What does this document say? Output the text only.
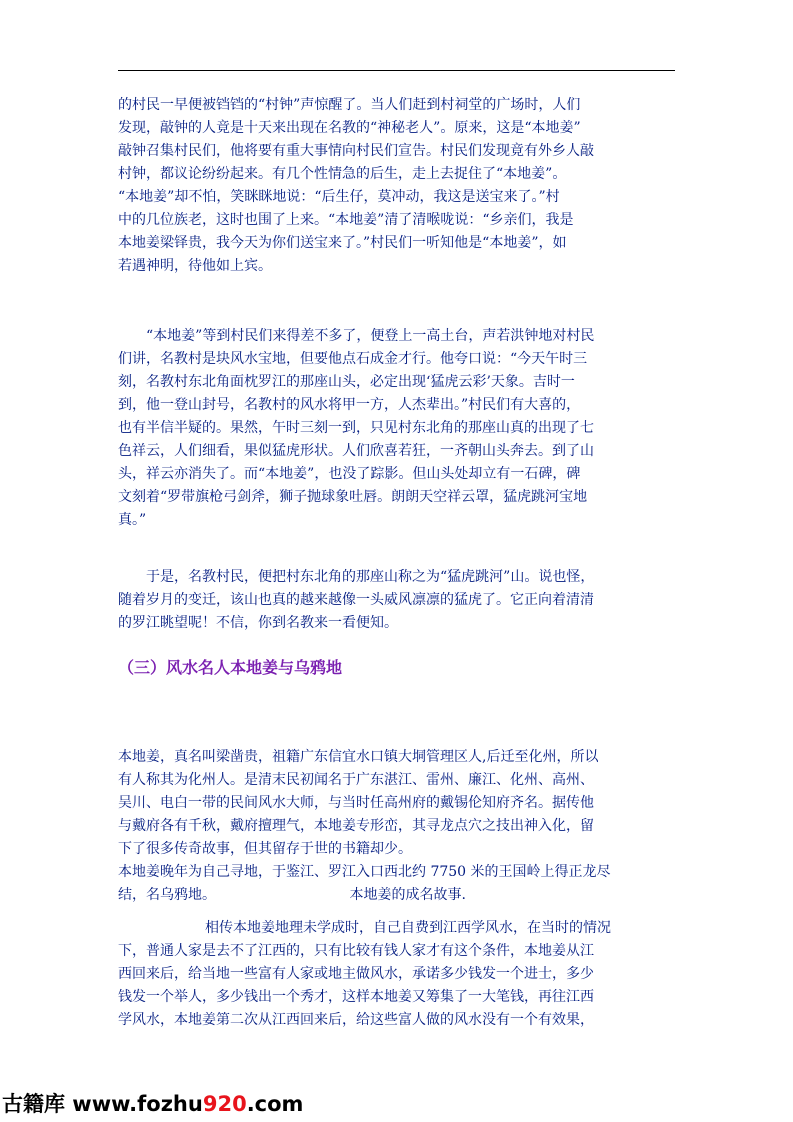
的村民一早便被铛铛的“村钟”声惊醒了。当人们赶到村祠堂的广场时，人们
发现，敲钟的人竟是十天来出现在名教的“神秘老人”。原来，这是“本地姜”
敲钟召集村民们，他将要有重大事情向村民们宣告。村民们发现竟有外乡人敲
村钟，都议论纷纷起来。有几个性情急的后生，走上去捉住了“本地姜”。
“本地姜”却不怕，笑眯眯地说：“后生仔，莫冲动，我这是送宝来了。”村
中的几位族老，这时也围了上来。“本地姜”清了清喉咙说：“乡亲们，我是
本地姜梁铎贵，我今天为你们送宝来了。”村民们一听知他是“本地姜”，如
若遇神明，待他如上宾。
“本地姜”等到村民们来得差不多了，便登上一高土台，声若洪钟地对村民
们讲，名教村是块风水宝地，但要他点石成金才行。他夸口说：“今天午时三
刻，名教村东北角面枕罗江的那座山头，必定出现‘猛虎云彩’天象。吉时一
到，他一登山封号，名教村的风水将甲一方，人杰辈出。”村民们有大喜的，
也有半信半疑的。果然，午时三刻一到，只见村东北角的那座山真的出现了七
色祥云，人们细看，果似猛虎形状。人们欣喜若狂，一齐朝山头奔去。到了山
头，祥云亦消失了。而“本地姜”，也没了踪影。但山头处却立有一石碑，碑
文刻着“罗带旗枪弓剑斧，狮子抛球象吐唇。朗朗天空祥云罩，猛虎跳河宝地
真。”
于是，名教村民，便把村东北角的那座山称之为“猛虎跳河”山。说也怪，
随着岁月的变迁，该山也真的越来越像一头威风凛凛的猛虎了。它正向着清清
的罗江眺望呢！不信，你到名教来一看便知。
（三）风水名人本地姜与乌鸦地
本地姜，真名叫梁凿贵，祖籍广东信宜水口镇大垌管理区人,后迁至化州，所以
有人称其为化州人。是清末民初闻名于广东湛江、雷州、廉江、化州、高州、
吴川、电白一带的民间风水大师，与当时任高州府的戴锡伦知府齐名。据传他
与戴府各有千秋，戴府擅理气，本地姜专形峦，其寻龙点穴之技出神入化，留
下了很多传奇故事，但其留存于世的书籍却少。
本地姜晚年为自己寻地，于鉴江、罗江入口西北约 7750 米的王国岭上得正龙尽
结，名乌鸦地。                              本地姜的成名故事.
相传本地姜地理未学成时，自己自费到江西学风水，在当时的情况
下，普通人家是去不了江西的，只有比较有钱人家才有这个条件，本地姜从江
西回来后，给当地一些富有人家或地主做风水，承诺多少钱发一个进士，多少
钱发一个举人，多少钱出一个秀才，这样本地姜又筹集了一大笔钱，再往江西
学风水，本地姜第二次从江西回来后，给这些富人做的风水没有一个有效果，
古籍库 www.fozhu920.com
